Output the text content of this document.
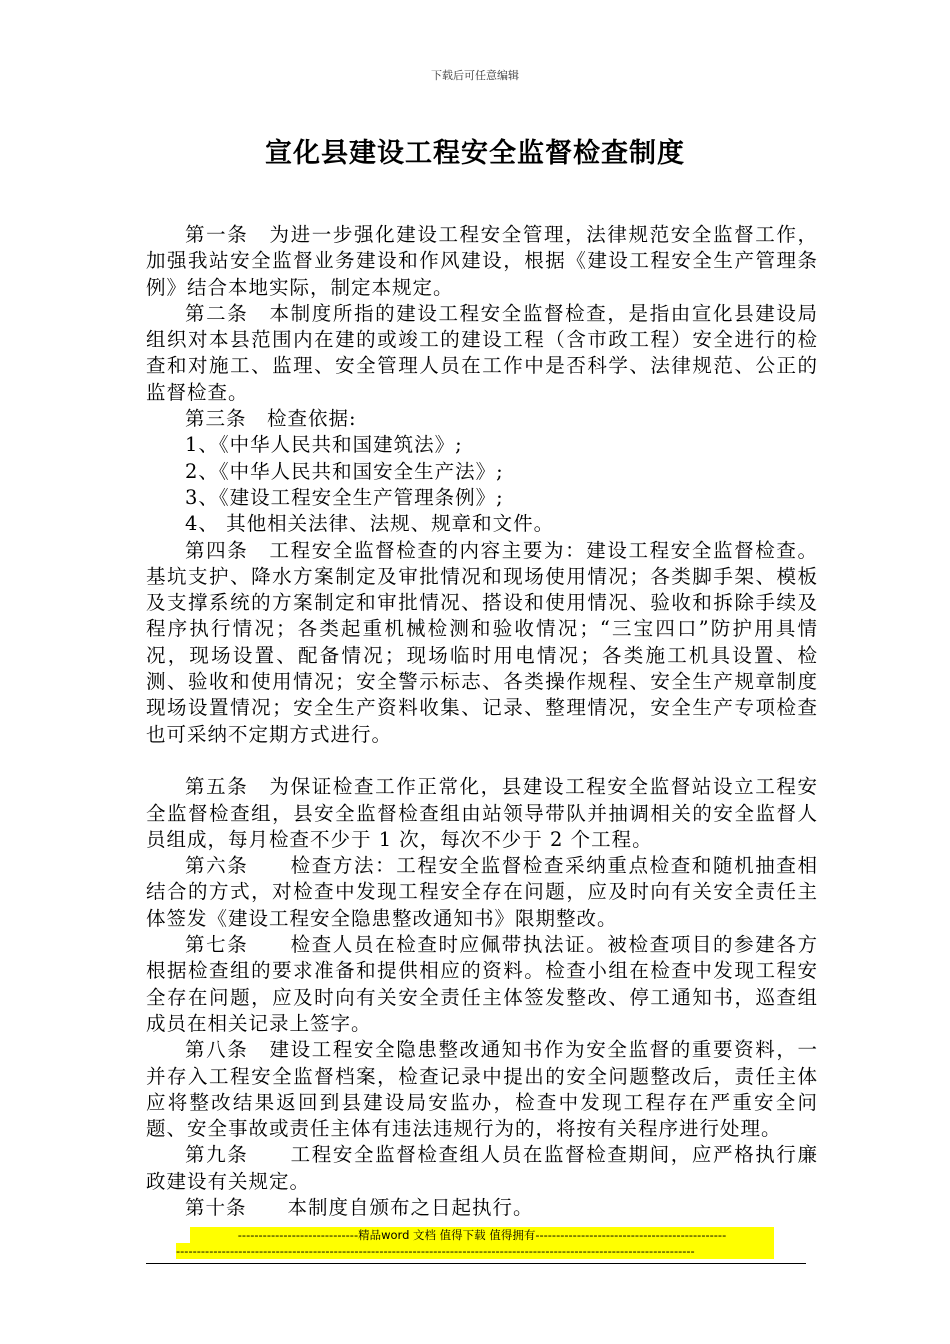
下载后可任意编辑
宣化县建设工程安全监督检查制度

第一条　为进一步强化建设工程安全管理，法律规范安全监督工作，加强我站安全监督业务建设和作风建设，根据《建设工程安全生产管理条例》结合本地实际，制定本规定。

第二条　本制度所指的建设工程安全监督检查，是指由宣化县建设局组织对本县范围内在建的或竣工的建设工程（含市政工程）安全进行的检查和对施工、监理、安全管理人员在工作中是否科学、法律规范、公正的监督检查。

第三条　检查依据:

1、《中华人民共和国建筑法》;

2、《中华人民共和国安全生产法》;

3、《建设工程安全生产管理条例》;

4、 其他相关法律、法规、规章和文件。

第四条　工程安全监督检查的内容主要为：建设工程安全监督检查。基坑支护、降水方案制定及审批情况和现场使用情况；各类脚手架、模板及支撑系统的方案制定和审批情况、搭设和使用情况、验收和拆除手续及程序执行情况；各类起重机械检测和验收情况；“三宝四口”防护用具情况，现场设置、配备情况；现场临时用电情况；各类施工机具设置、检测、验收和使用情况；安全警示标志、各类操作规程、安全生产规章制度现场设置情况；安全生产资料收集、记录、整理情况，安全生产专项检查也可采纳不定期方式进行。

第五条　为保证检查工作正常化，县建设工程安全监督站设立工程安全监督检查组，县安全监督检查组由站领导带队并抽调相关的安全监督人员组成，每月检查不少于 1 次，每次不少于 2 个工程。

第六条　　检查方法：工程安全监督检查采纳重点检查和随机抽查相结合的方式，对检查中发现工程安全存在问题，应及时向有关安全责任主体签发《建设工程安全隐患整改通知书》限期整改。

第七条　　检查人员在检查时应佩带执法证。被检查项目的参建各方根据检查组的要求准备和提供相应的资料。检查小组在检查中发现工程安全存在问题，应及时向有关安全责任主体签发整改、停工通知书，巡查组成员在相关记录上签字。

第八条　建设工程安全隐患整改通知书作为安全监督的重要资料，一并存入工程安全监督档案，检查记录中提出的安全问题整改后，责任主体应将整改结果返回到县建设局安监办，检查中发现工程存在严重安全问题、安全事故或责任主体有违法违规行为的，将按有关程序进行处理。

第九条　　工程安全监督检查组人员在监督检查期间，应严格执行廉政建设有关规定。

第十条　　本制度自颁布之日起执行。

-----------------------------精品word 文档 值得下载 值得拥有----------------------------------------------
-----------------------------------------------------------------------------------------------------------------------------
